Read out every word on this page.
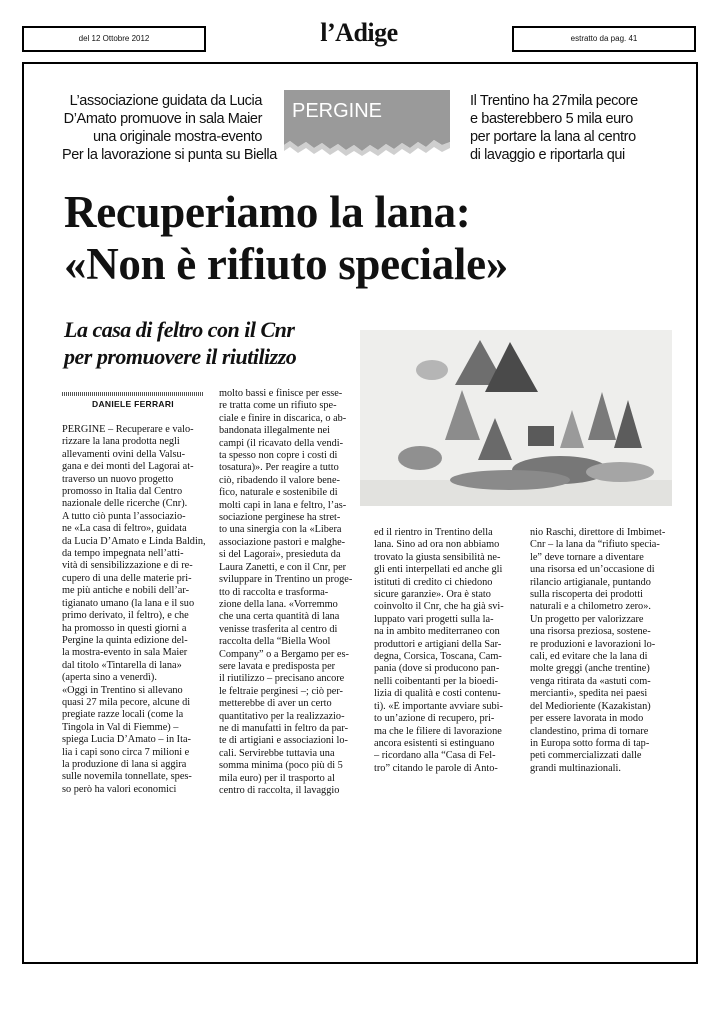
del 12 Ottobre 2012	l’Adige	estratto da pag. 41
L’associazione guidata da Lucia
D’Amato promuove in sala Maier
una originale mostra-evento
Per la lavorazione si punta su Biella
PERGINE	Il Trentino ha 27mila pecore
e basterebbero 5 mila euro
per portare la lana al centro
di lavaggio e riportarla qui
Recuperiamo la lana:
«Non è rifiuto speciale»
La casa di feltro con il Cnr
per promuovere il riutilizzo
DANIELE FERRARI
PERGINE – Recuperare e valo-
rizzare la lana prodotta negli
allevamenti ovini della Valsu-
gana e dei monti del Lagorai at-
traverso un nuovo progetto
promosso in Italia dal Centro
nazionale delle ricerche (Cnr).
A tutto ciò punta l’associazio-
ne «La casa di feltro», guidata
da Lucia D’Amato e Linda Baldin,
da tempo impegnata nell’atti-
vità di sensibilizzazione e di re-
cupero di una delle materie pri-
me più antiche e nobili dell’ar-
tigianato umano (la lana e il suo
primo derivato, il feltro), e che
ha promosso in questi giorni a
Pergine la quinta edizione del-
la mostra-evento in sala Maier
dal titolo «Tintarella di lana»
(aperta sino a venerdì).
«Oggi in Trentino si allevano
quasi 27 mila pecore, alcune di
pregiate razze locali (come la
Tingola in Val di Fiemme) –
spiega Lucia D’Amato – in Ita-
lia i capi sono circa 7 milioni e
la produzione di lana si aggira
sulle novemila tonnellate, spes-
so però ha valori economici
molto bassi e finisce per esse-
re tratta come un rifiuto spe-
ciale e finire in discarica, o ab-
bandonata illegalmente nei
campi (il ricavato della vendi-
ta spesso non copre i costi di
tosatura)». Per reagire a tutto
ciò, ribadendo il valore bene-
fico, naturale e sostenibile di
molti capi in lana e feltro, l’as-
sociazione perginese ha stret-
to una sinergia con la «Libera
associazione pastori e malghe-
si del Lagorai», presieduta da
Laura Zanetti, e con il Cnr, per
sviluppare in Trentino un proge-
tto di raccolta e trasforma-
zione della lana. «Vorremmo
che una certa quantità di lana
venisse trasferita al centro di
raccolta della “Biella Wool
Company” o a Bergamo per es-
sere lavata e predisposta per
il riutilizzo – precisano ancore
le feltraie perginesi –; ciò per-
metterebbe di aver un certo
quantitativo per la realizzazio-
ne di manufatti in feltro da par-
te di artigiani e associazioni lo-
cali. Servirebbe tuttavia una
somma minima (poco più di 5
mila euro) per il trasporto al
centro di raccolta, il lavaggio
ed il rientro in Trentino della
lana. Sino ad ora non abbiamo
trovato la giusta sensibilità ne-
gli enti interpellati ed anche gli
istituti di credito ci chiedono
sicure garanzie». Ora è stato
coinvolto il Cnr, che ha già svi-
luppato vari progetti sulla la-
na in ambito mediterraneo con
produttori e artigiani della Sar-
degna, Corsica, Toscana, Cam-
pania (dove si producono pan-
nelli coibentanti per la bioedi-
lizia di qualità e costi contenu-
ti). «È importante avviare subi-
to un’azione di recupero, pri-
ma che le filiere di lavorazione
ancora esistenti si estinguano
– ricordano alla “Casa di Fel-
tro” citando le parole di Anto-
nio Raschi, direttore di Imbimet-
Cnr – la lana da “rifiuto specia-
le” deve tornare a diventare
una risorsa ed un’occasione di
rilancio artigianale, puntando
sulla riscoperta dei prodotti
naturali e a chilometro zero».
Un progetto per valorizzare
una risorsa preziosa, sostene-
re produzioni e lavorazioni lo-
cali, ed evitare che la lana di
molte greggi (anche trentine)
venga ritirata da «astuti com-
mercianti», spedita nei paesi
del Medioriente (Kazakistan)
per essere lavorata in modo
clandestino, prima di tornare
in Europa sotto forma di tap-
peti commercializzati dalle
grandi multinazionali.
